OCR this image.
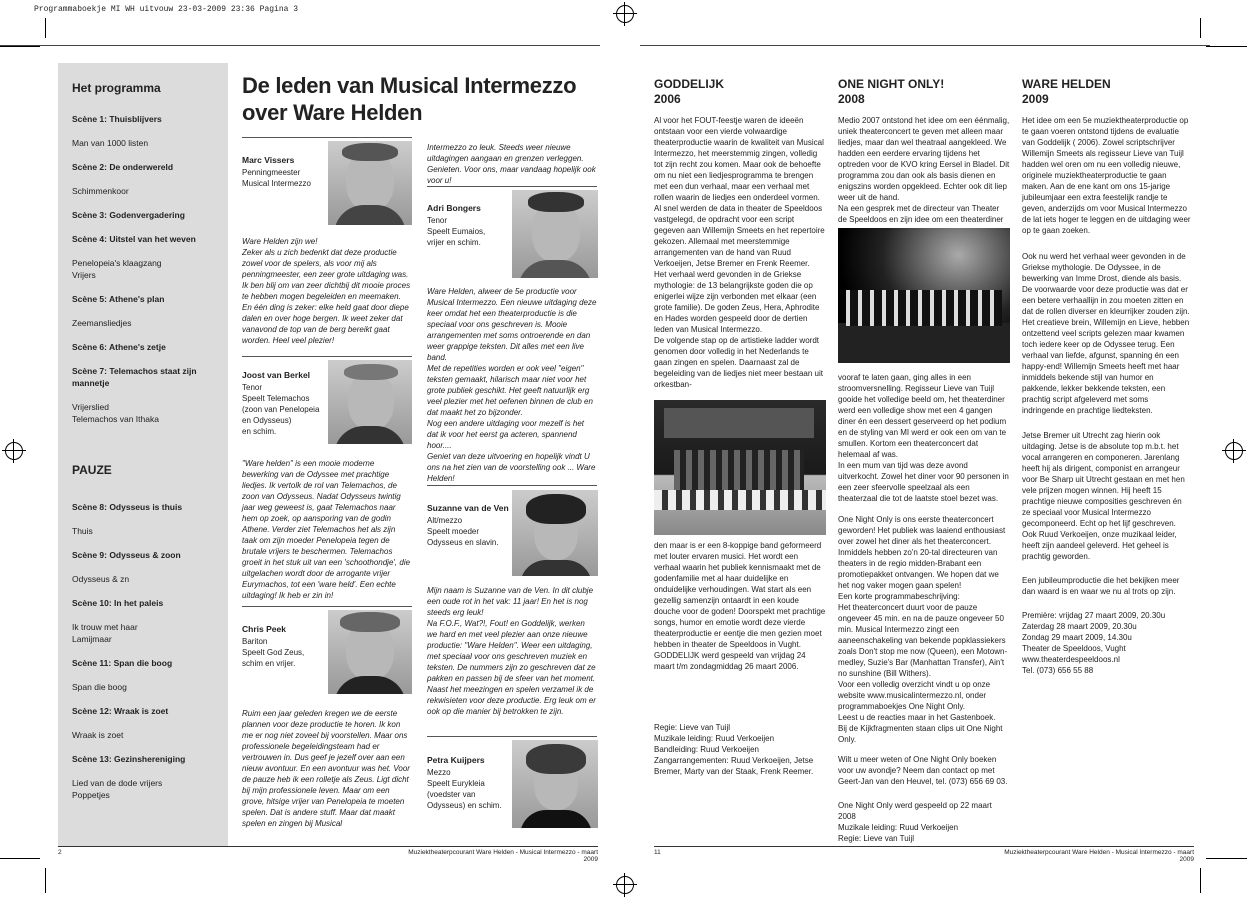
Programmaboekje MI WH uitvouw 23-03-2009 23:36 Pagina 3
Het programma
Scène 1: Thuisblijvers
Man van 1000 listen
Scène 2: De onderwereld
Schimmenkoor
Scène 3: Godenvergadering
Scène 4: Uitstel van het weven
Penelopeia's klaagzang
Vrijers
Scène 5: Athene's plan
Zeemansliedjes
Scène 6: Athene's zetje
Scène 7: Telemachos staat zijn
mannetje
Vrijerslied
Telemachos van Ithaka
PAUZE
Scène 8: Odysseus is thuis
Thuis
Scène 9: Odysseus & zoon
Odysseus & zn
Scène 10: In het paleis
Ik trouw met haar
Lamijmaar
Scène 11: Span die boog
Span die boog
Scène 12: Wraak is zoet
Wraak is zoet
Scène 13: Gezinshereniging
Lied van de dode vrijers
Poppetjes
De leden van Musical Intermezzo
over Ware Helden
Marc Vissers
Penningmeester
Musical Intermezzo
Ware Helden zijn we!
Zeker als u zich bedenkt dat deze productie zowel voor de spelers, als voor mij als penningmeester, een zeer grote uitdaging was. Ik ben blij om van zeer dichtbij dit mooie proces te hebben mogen begeleiden en meemaken. En één ding is zeker: elke held gaat door diepe dalen en over hoge bergen. Ik weet zeker dat vanavond de top van de berg bereikt gaat worden. Heel veel plezier!
Joost van Berkel
Tenor
Speelt Telemachos
(zoon van Penelopeia
en Odysseus)
en schim.
"Ware helden" is een mooie moderne bewerking van de Odyssee met prachtige liedjes. Ik vertolk de rol van Telemachos, de zoon van Odysseus. Nadat Odysseus twintig jaar weg geweest is, gaat Telemachos naar hem op zoek, op aansporing van de godin Athene. Verder ziet Telemachos het als zijn taak om zijn moeder Penelopeia tegen de brutale vrijers te beschermen. Telemachos groeit in het stuk uit van een 'schoothondje', die uitgelachen wordt door de arrogante vrijer Eurymachos, tot een 'ware held'. Een echte uitdaging! Ik heb er zin in!
Chris Peek
Bariton
Speelt God Zeus,
schim en vrijer.
Ruim een jaar geleden kregen we de eerste plannen voor deze productie te horen. Ik kon me er nog niet zoveel bij voorstellen. Maar ons professionele begeleidingsteam had er vertrouwen in. Dus geef je jezelf over aan een nieuw avontuur. En een avontuur was het. Voor de pauze heb ik een rolletje als Zeus. Ligt dicht bij mijn professionele leven. Maar om een grove, hitsige vrijer van Penelopeia te moeten spelen. Dat is andere stuff. Maar dat maakt spelen en zingen bij Musical
Intermezzo zo leuk. Steeds weer nieuwe uitdagingen aangaan en grenzen verleggen. Genieten. Voor ons, maar vandaag hopelijk ook voor u!
Adri Bongers
Tenor
Speelt Eumaios,
vrijer en schim.
Ware Helden, alweer de 5e productie voor Musical Intermezzo. Een nieuwe uitdaging deze keer omdat het een theaterproductie is die speciaal voor ons geschreven is. Mooie arrangementen met soms ontroerende en dan weer grappige teksten. Dit alles met een live band.
Met de repetities worden er ook veel "eigen" teksten gemaakt, hilarisch maar niet voor het grote publiek geschikt. Het geeft natuurlijk erg veel plezier met het oefenen binnen de club en dat maakt het zo bijzonder.
Nog een andere uitdaging voor mezelf is het dat ik voor het eerst ga acteren, spannend hoor....
Geniet van deze uitvoering en hopelijk vindt U ons na het zien van de voorstelling ook ... Ware Helden!
Suzanne van de Ven
Alt/mezzo
Speelt moeder
Odysseus en slavin.
Mijn naam is Suzanne van de Ven. In dit clubje een oude rot in het vak: 11 jaar! En het is nog steeds erg leuk!
Na F.O.F., Wat?!, Fout! en Goddelijk, werken we hard en met veel plezier aan onze nieuwe productie: "Ware Helden". Weer een uitdaging, met speciaal voor ons geschreven muziek en teksten. De nummers zijn zo geschreven dat ze pakken en passen bij de sfeer van het moment.
Naast het meezingen en spelen verzamel ik de rekwisieten voor deze productie. Erg leuk om er ook op die manier bij betrokken te zijn.
Petra Kuijpers
Mezzo
Speelt Eurykleia
(voedster van
Odysseus) en schim.
2	Muziektheaterpcourant Ware Helden - Musical Intermezzo - maart 2009
GODDELIJK
2006
Al voor het FOUT-feestje waren de ideeën ontstaan voor een vierde volwaardige theaterproductie waarin de kwaliteit van Musical Intermezzo, het meerstemmig zingen, volledig tot zijn recht zou komen. Maar ook de behoefte om nu niet een liedjesprogramma te brengen met een dun verhaal, maar een verhaal met rollen waarin de liedjes een onderdeel vormen. Al snel werden de data in theater de Speeldoos vastgelegd, de opdracht voor een script gegeven aan Willemijn Smeets en het repertoire gekozen. Allemaal met meerstemmige arrangementen van de hand van Ruud Verkoeijen, Jetse Bremer en Frenk Reemer.
Het verhaal werd gevonden in de Griekse mythologie: de 13 belangrijkste goden die op enigerlei wijze zijn verbonden met elkaar (een grote familie). De goden Zeus, Hera, Aphrodite en Hades worden gespeeld door de dertien leden van Musical Intermezzo.
De volgende stap op de artistieke ladder wordt genomen door volledig in het Nederlands te gaan zingen en spelen. Daarnaast zal de begeleiding van de liedjes niet meer bestaan uit orkestban-
den maar is er een 8-koppige band geformeerd met louter ervaren musici. Het wordt een verhaal waarin het publiek kennismaakt met de godenfamilie met al haar duidelijke en onduidelijke verhoudingen. Wat start als een gezellig samenzijn ontaardt in een koude douche voor de goden! Doorspekt met prachtige songs, humor en emotie wordt deze vierde theaterproductie er eentje die men gezien moet hebben in theater de Speeldoos in Vught.
GODDELIJK werd gespeeld van vrijdag 24 maart t/m zondagmiddag 26 maart 2006.
Regie: Lieve van Tuijl
Muzikale leiding: Ruud Verkoeijen
Bandleiding: Ruud Verkoeijen
Zangarrangementen: Ruud Verkoeijen, Jetse Bremer, Marty van der Staak, Frenk Reemer.
ONE NIGHT ONLY!
2008
Medio 2007 ontstond het idee om een éénmalig, uniek theaterconcert te geven met alleen maar liedjes, maar dan wel theatraal aangekleed. We hadden een eerdere ervaring tijdens het optreden voor de KVO kring Eersel in Bladel. Dit programma zou dan ook als basis dienen en enigszins worden opgekleed. Echter ook dit liep weer uit de hand.
Na een gesprek met de directeur van Theater de Speeldoos en zijn idee om een theaterdiner
vooraf te laten gaan, ging alles in een stroomversnelling. Regisseur Lieve van Tuijl gooide het volledige beeld om, het theaterdiner werd een volledige show met een 4 gangen diner én een dessert geserveerd op het podium en de styling van MI werd er ook een om van te smullen. Kortom een theaterconcert dat helemaal af was.
In een mum van tijd was deze avond uitverkocht. Zowel het diner voor 90 personen in een zeer sfeervolle speelzaal als een theaterzaal die tot de laatste stoel bezet was.
One Night Only is ons eerste theaterconcert geworden! Het publiek was laaiend enthousiast over zowel het diner als het theaterconcert. Inmiddels hebben zo'n 20-tal directeuren van theaters in de regio midden-Brabant een promotiepakket ontvangen. We hopen dat we het nog vaker mogen gaan spelen!
Een korte programmabeschrijving:
Het theaterconcert duurt voor de pauze ongeveer 45 min. en na de pauze ongeveer 50 min. Musical Intermezzo zingt een aaneenschakeling van bekende popklassiekers zoals Don't stop me now (Queen), een Motown-medley, Suzie's Bar (Manhattan Transfer), Ain't no sunshine (Bill Withers).
Voor een volledig overzicht vindt u op onze website www.musicalintermezzo.nl, onder programmaboekjes One Night Only.
Leest u de reacties maar in het Gastenboek.
Bij de Kijkfragmenten staan clips uit One Night Only.
Wilt u meer weten of One Night Only boeken voor uw avondje? Neem dan contact op met Geert-Jan van den Heuvel, tel. (073) 656 69 03.
One Night Only werd gespeeld op 22 maart 2008
Muzikale leiding: Ruud Verkoeijen
Regie: Lieve van Tuijl
WARE HELDEN
2009
Het idee om een 5e muziektheaterproductie op te gaan voeren ontstond tijdens de evaluatie van Goddelijk ( 2006). Zowel scriptschrijver Willemijn Smeets als regisseur Lieve van Tuijl hadden wel oren om nu een volledig nieuwe, originele muziektheaterproductie te gaan maken. Aan de ene kant om ons 15-jarige jubileumjaar een extra feestelijk randje te geven, anderzijds om voor Musical Intermezzo de lat iets hoger te leggen en de uitdaging weer op te gaan zoeken.
Ook nu werd het verhaal weer gevonden in de Griekse mythologie. De Odyssee, in de bewerking van Imme Drost, diende als basis. De voorwaarde voor deze productie was dat er een betere verhaallijn in zou moeten zitten en dat de rollen diverser en kleurrijker zouden zijn. Het creatieve brein, Willemijn en Lieve, hebben ontzettend veel scripts gelezen maar kwamen toch iedere keer op de Odyssee terug. Een verhaal van liefde, afgunst, spanning én een happy-end! Willemijn Smeets heeft met haar inmiddels bekende stijl van humor en pakkende, lekker bekkende teksten, een prachtig script afgeleverd met soms indringende en prachtige liedteksten.
Jetse Bremer uit Utrecht zag hierin ook uitdaging. Jetse is de absolute top m.b.t. het vocal arrangeren en componeren. Jarenlang heeft hij als dirigent, componist en arrangeur voor Be Sharp uit Utrecht gestaan en met hen vele prijzen mogen winnen. Hij heeft 15 prachtige nieuwe composities geschreven én ze speciaal voor Musical Intermezzo gecomponeerd. Echt op het lijf geschreven. Ook Ruud Verkoeijen, onze muzikaal leider, heeft zijn aandeel geleverd. Het geheel is prachtig geworden.
Een jubileumproductie die het bekijken meer dan waard is en waar we nu al trots op zijn.
Première: vrijdag 27 maart 2009, 20.30u
Zaterdag 28 maart 2009, 20.30u
Zondag 29 maart 2009, 14.30u
Theater de Speeldoos, Vught
www.theaterdespeeldoos.nl
Tel. (073) 656 55 88
11	Muziektheaterpcourant Ware Helden - Musical Intermezzo - maart 2009
